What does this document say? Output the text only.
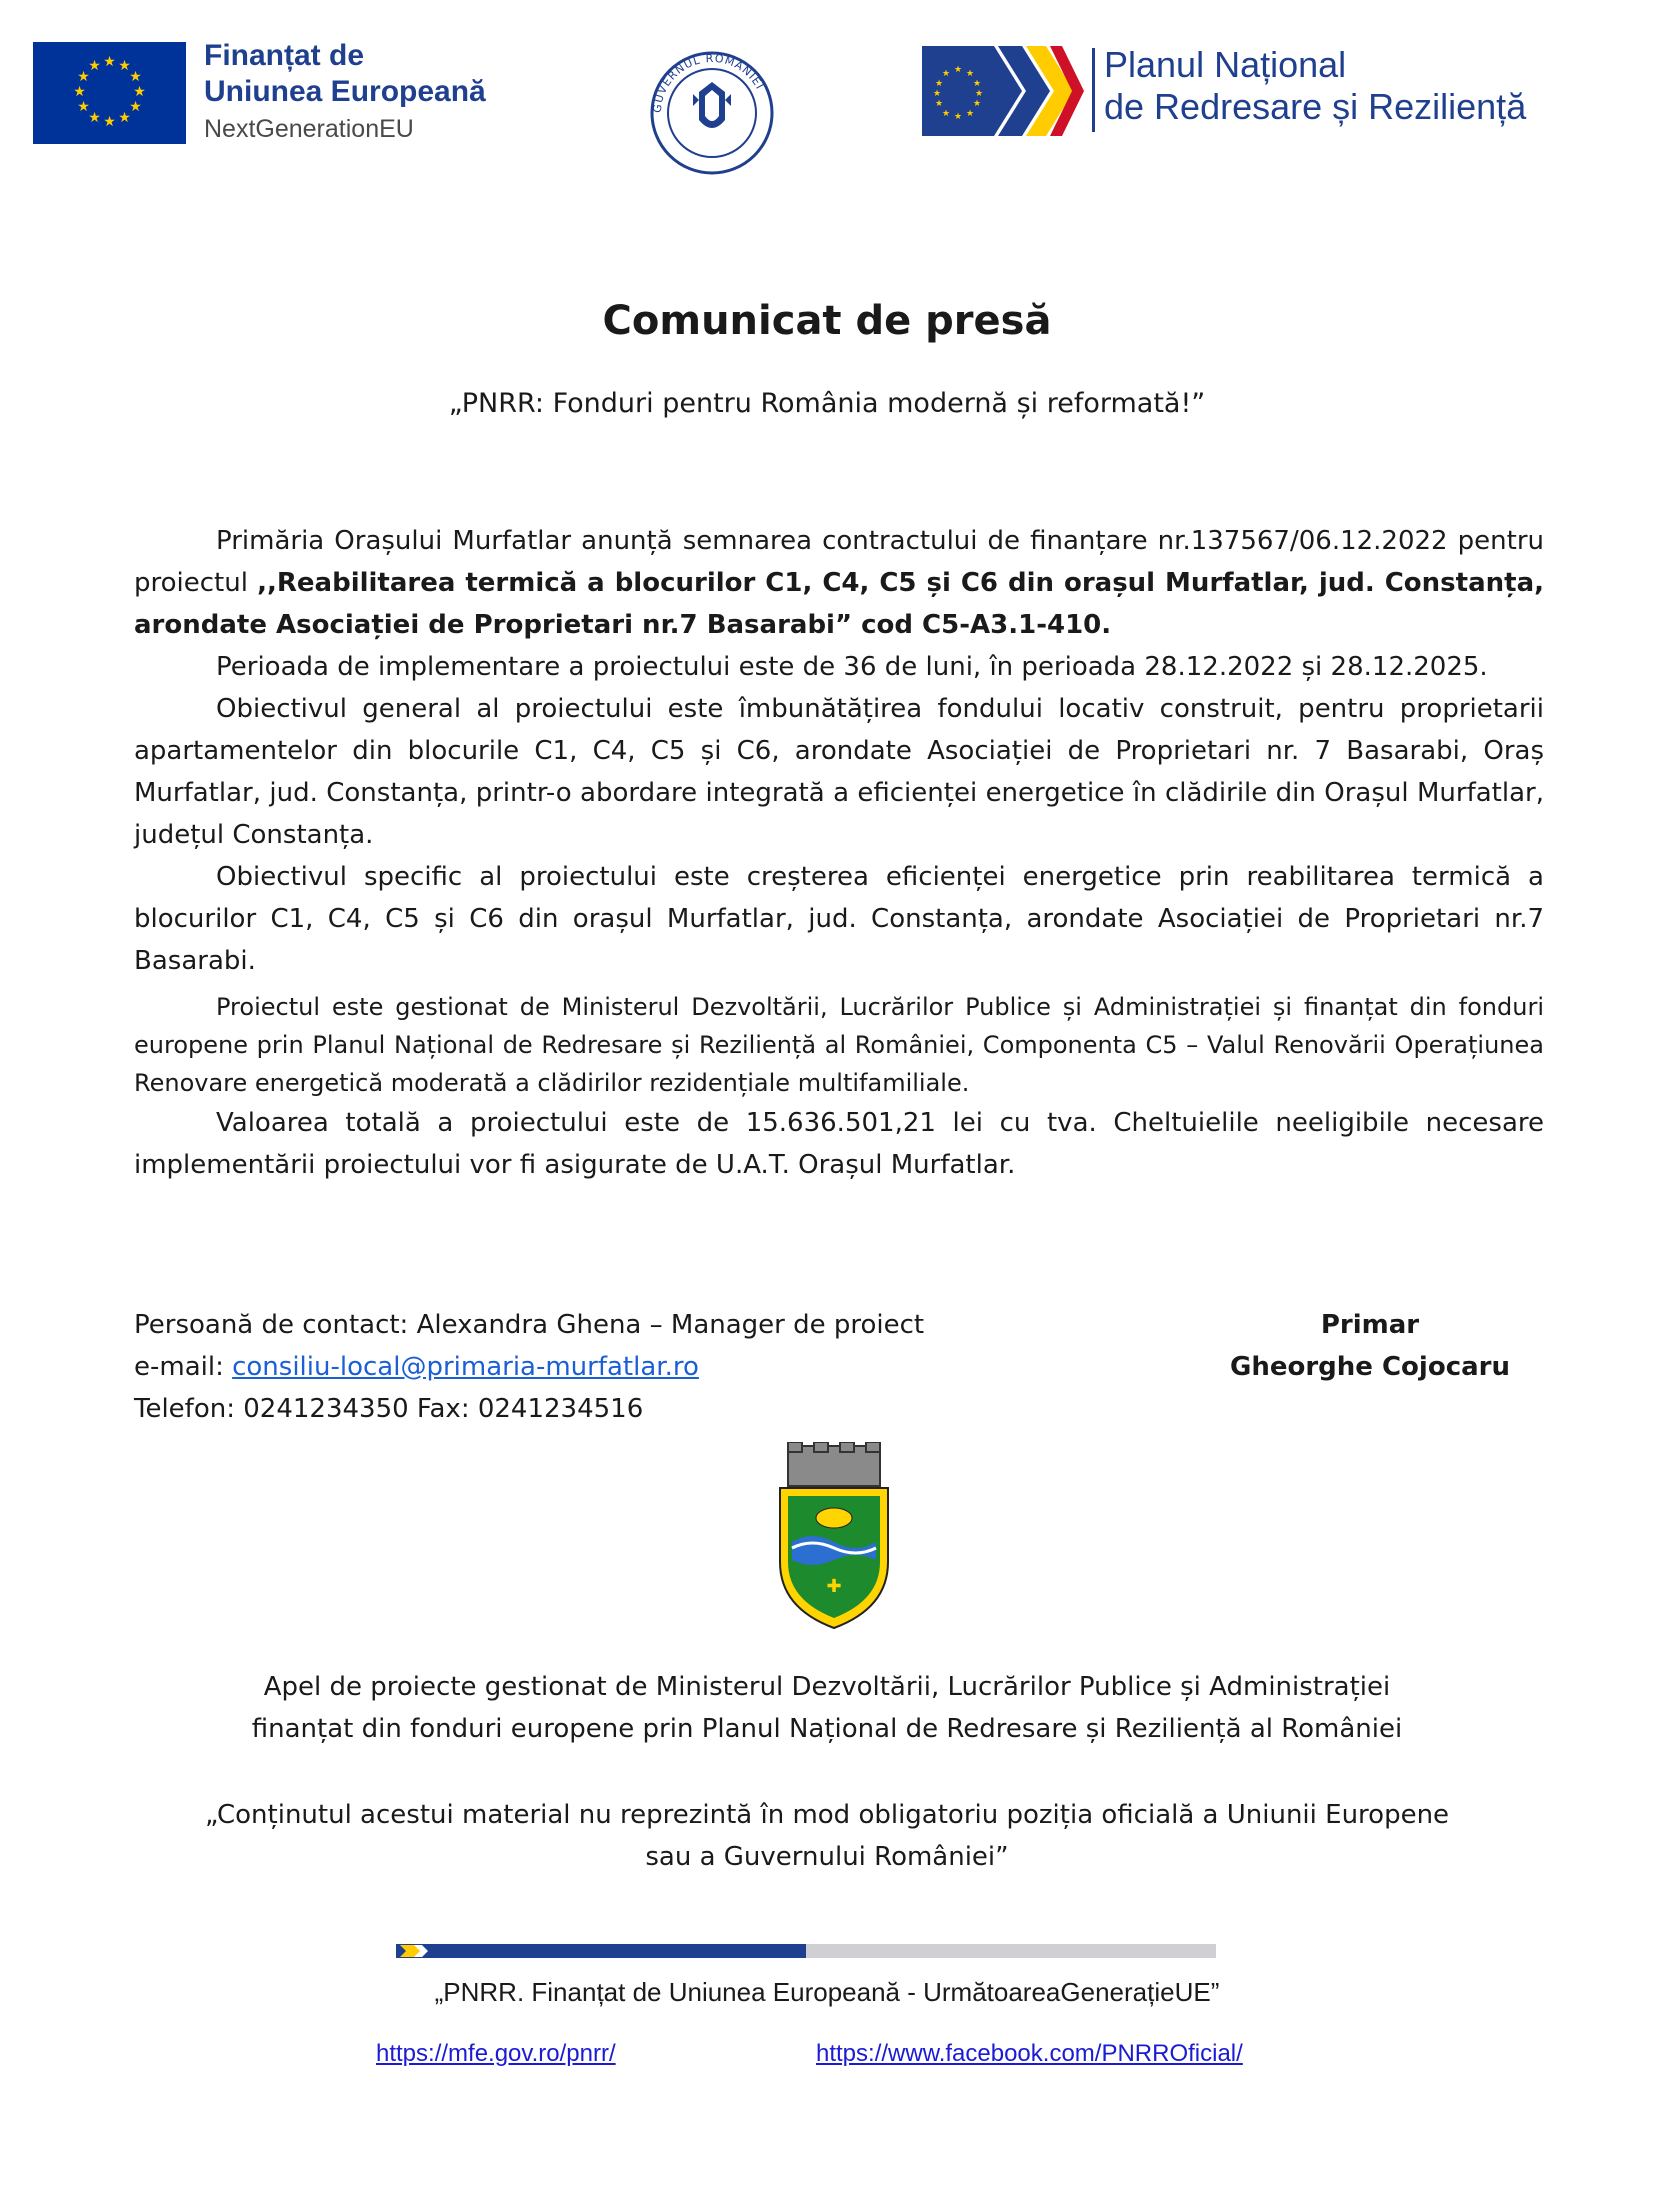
★ ★
★
★
★
★
★
★
★
★
★
★	Finanțat de
Uniunea Europeană
NextGenerationEU
GUVERNUL ROMÂNIEI
★ ★
★
★
★
★
★
★
★
★
★
★	Planul Național
de Redresare și Reziliență
Comunicat de presă
„PNRR: Fonduri pentru România modernă și reformată!”

Primăria Orașului Murfatlar anunță semnarea contractului de finanțare nr.137567/06.12.2022 pentru proiectul ,,Reabilitarea termică a blocurilor C1, C4, C5 și C6 din orașul Murfatlar, jud. Constanța, arondate Asociației de Proprietari nr.7 Basarabi” cod C5-A3.1-410.

Perioada de implementare a proiectului este de 36 de luni, în perioada 28.12.2022 și 28.12.2025.

Obiectivul general al proiectului este îmbunătățirea fondului locativ construit, pentru proprietarii apartamentelor din blocurile C1, C4, C5 și C6, arondate Asociației de Proprietari nr. 7 Basarabi, Oraș Murfatlar, jud. Constanța, printr-o abordare integrată a eficienței energetice în clădirile din Orașul Murfatlar, județul Constanța.

Obiectivul specific al proiectului este creșterea eficienței energetice prin reabilitarea termică a blocurilor C1, C4, C5 și C6 din orașul Murfatlar, jud. Constanța, arondate Asociației de Proprietari nr.7 Basarabi.

Proiectul este gestionat de Ministerul Dezvoltării, Lucrărilor Publice și Administrației și finanțat din fonduri europene prin Planul Național de Redresare și Reziliență al României, Componenta C5 – Valul Renovării Operațiunea Renovare energetică moderată a clădirilor rezidențiale multifamiliale.

Valoarea totală a proiectului este de 15.636.501,21 lei cu tva. Cheltuielile neeligibile necesare implementării proiectului vor fi asigurate de U.A.T. Orașul Murfatlar.

Persoană de contact: Alexandra Ghena – Manager de proiect
e-mail: consiliu-local@primaria-murfatlar.ro
Telefon: 0241234350 Fax: 0241234516
Primar
Gheorghe Cojocaru
✚
Apel de proiecte gestionat de Ministerul Dezvoltării, Lucrărilor Publice și Administrației
finanțat din fonduri europene prin Planul Național de Redresare și Reziliență al României
„Conținutul acestui material nu reprezintă în mod obligatoriu poziția oficială a Uniunii Europene
sau a Guvernului României”
„PNRR. Finanțat de Uniunea Europeană - UrmătoareaGenerațieUE”
https://mfe.gov.ro/pnrr/	https://www.facebook.com/PNRROficial/
